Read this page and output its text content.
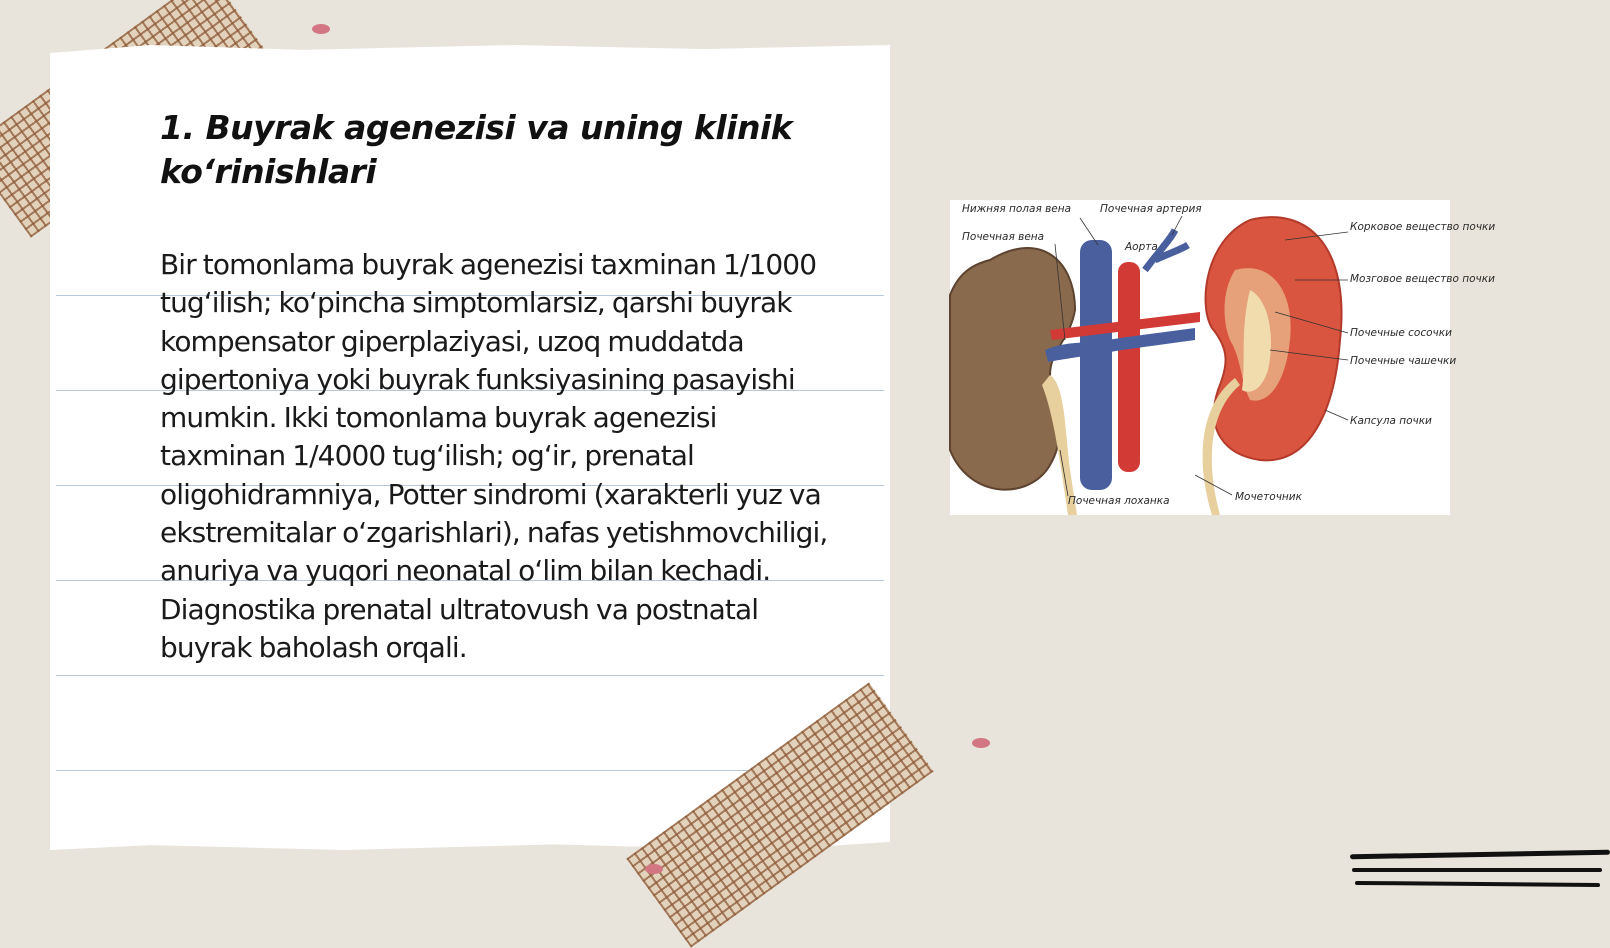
1. Buyrak agenezisi va uning klinik ko‘rinishlari

Bir tomonlama buyrak agenezisi taxminan 1/1000 tug‘ilish; ko‘pincha simptomlarsiz, qarshi buyrak kompensator giperplaziyasi, uzoq muddatda gipertoniya yoki buyrak funksiyasining pasayishi mumkin. Ikki tomonlama buyrak agenezisi taxminan 1/4000 tug‘ilish; og‘ir, prenatal oligohidramniya, Potter sindromi (xarakterli yuz va ekstremitalar o‘zgarishlari), nafas yetishmovchiligi, anuriya va yuqori neonatal o‘lim bilan kechadi. Diagnostika prenatal ultratovush va postnatal buyrak baholash orqali.

Нижняя полая вена	Почечная артерия
Почечная вена
Аорта
Корковое вещество почки
Мозговое вещество почки
Почечные сосочки
Почечные чашечки
Капсула почки
Почечная лоханка	Мочеточник
